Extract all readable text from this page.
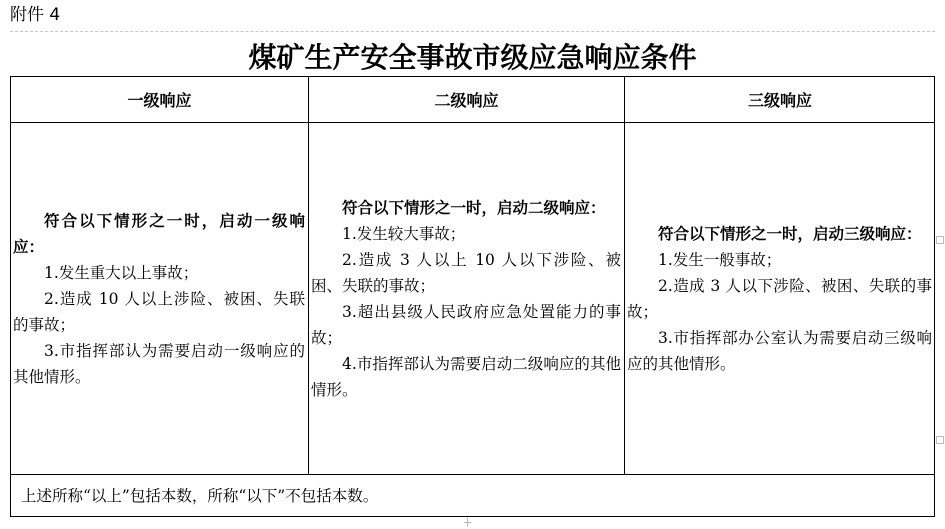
附件 4
煤矿生产安全事故市级应急响应条件
一级响应	二级响应	三级响应

符合以下情形之一时，启动一级响应：

1.发生重大以上事故；

2.造成 10 人以上涉险、被困、失联的事故；

3.市指挥部认为需要启动一级响应的其他情形。

符合以下情形之一时，启动二级响应：

1.发生较大事故；

2.造成 3 人以上 10 人以下涉险、被困、失联的事故；

3.超出县级人民政府应急处置能力的事故；

4.市指挥部认为需要启动二级响应的其他情形。

符合以下情形之一时，启动三级响应：

1.发生一般事故；

2.造成 3 人以下涉险、被困、失联的事故；

3.市指挥部办公室认为需要启动三级响应的其他情形。

上述所称“以上”包括本数，所称“以下”不包括本数。
+
